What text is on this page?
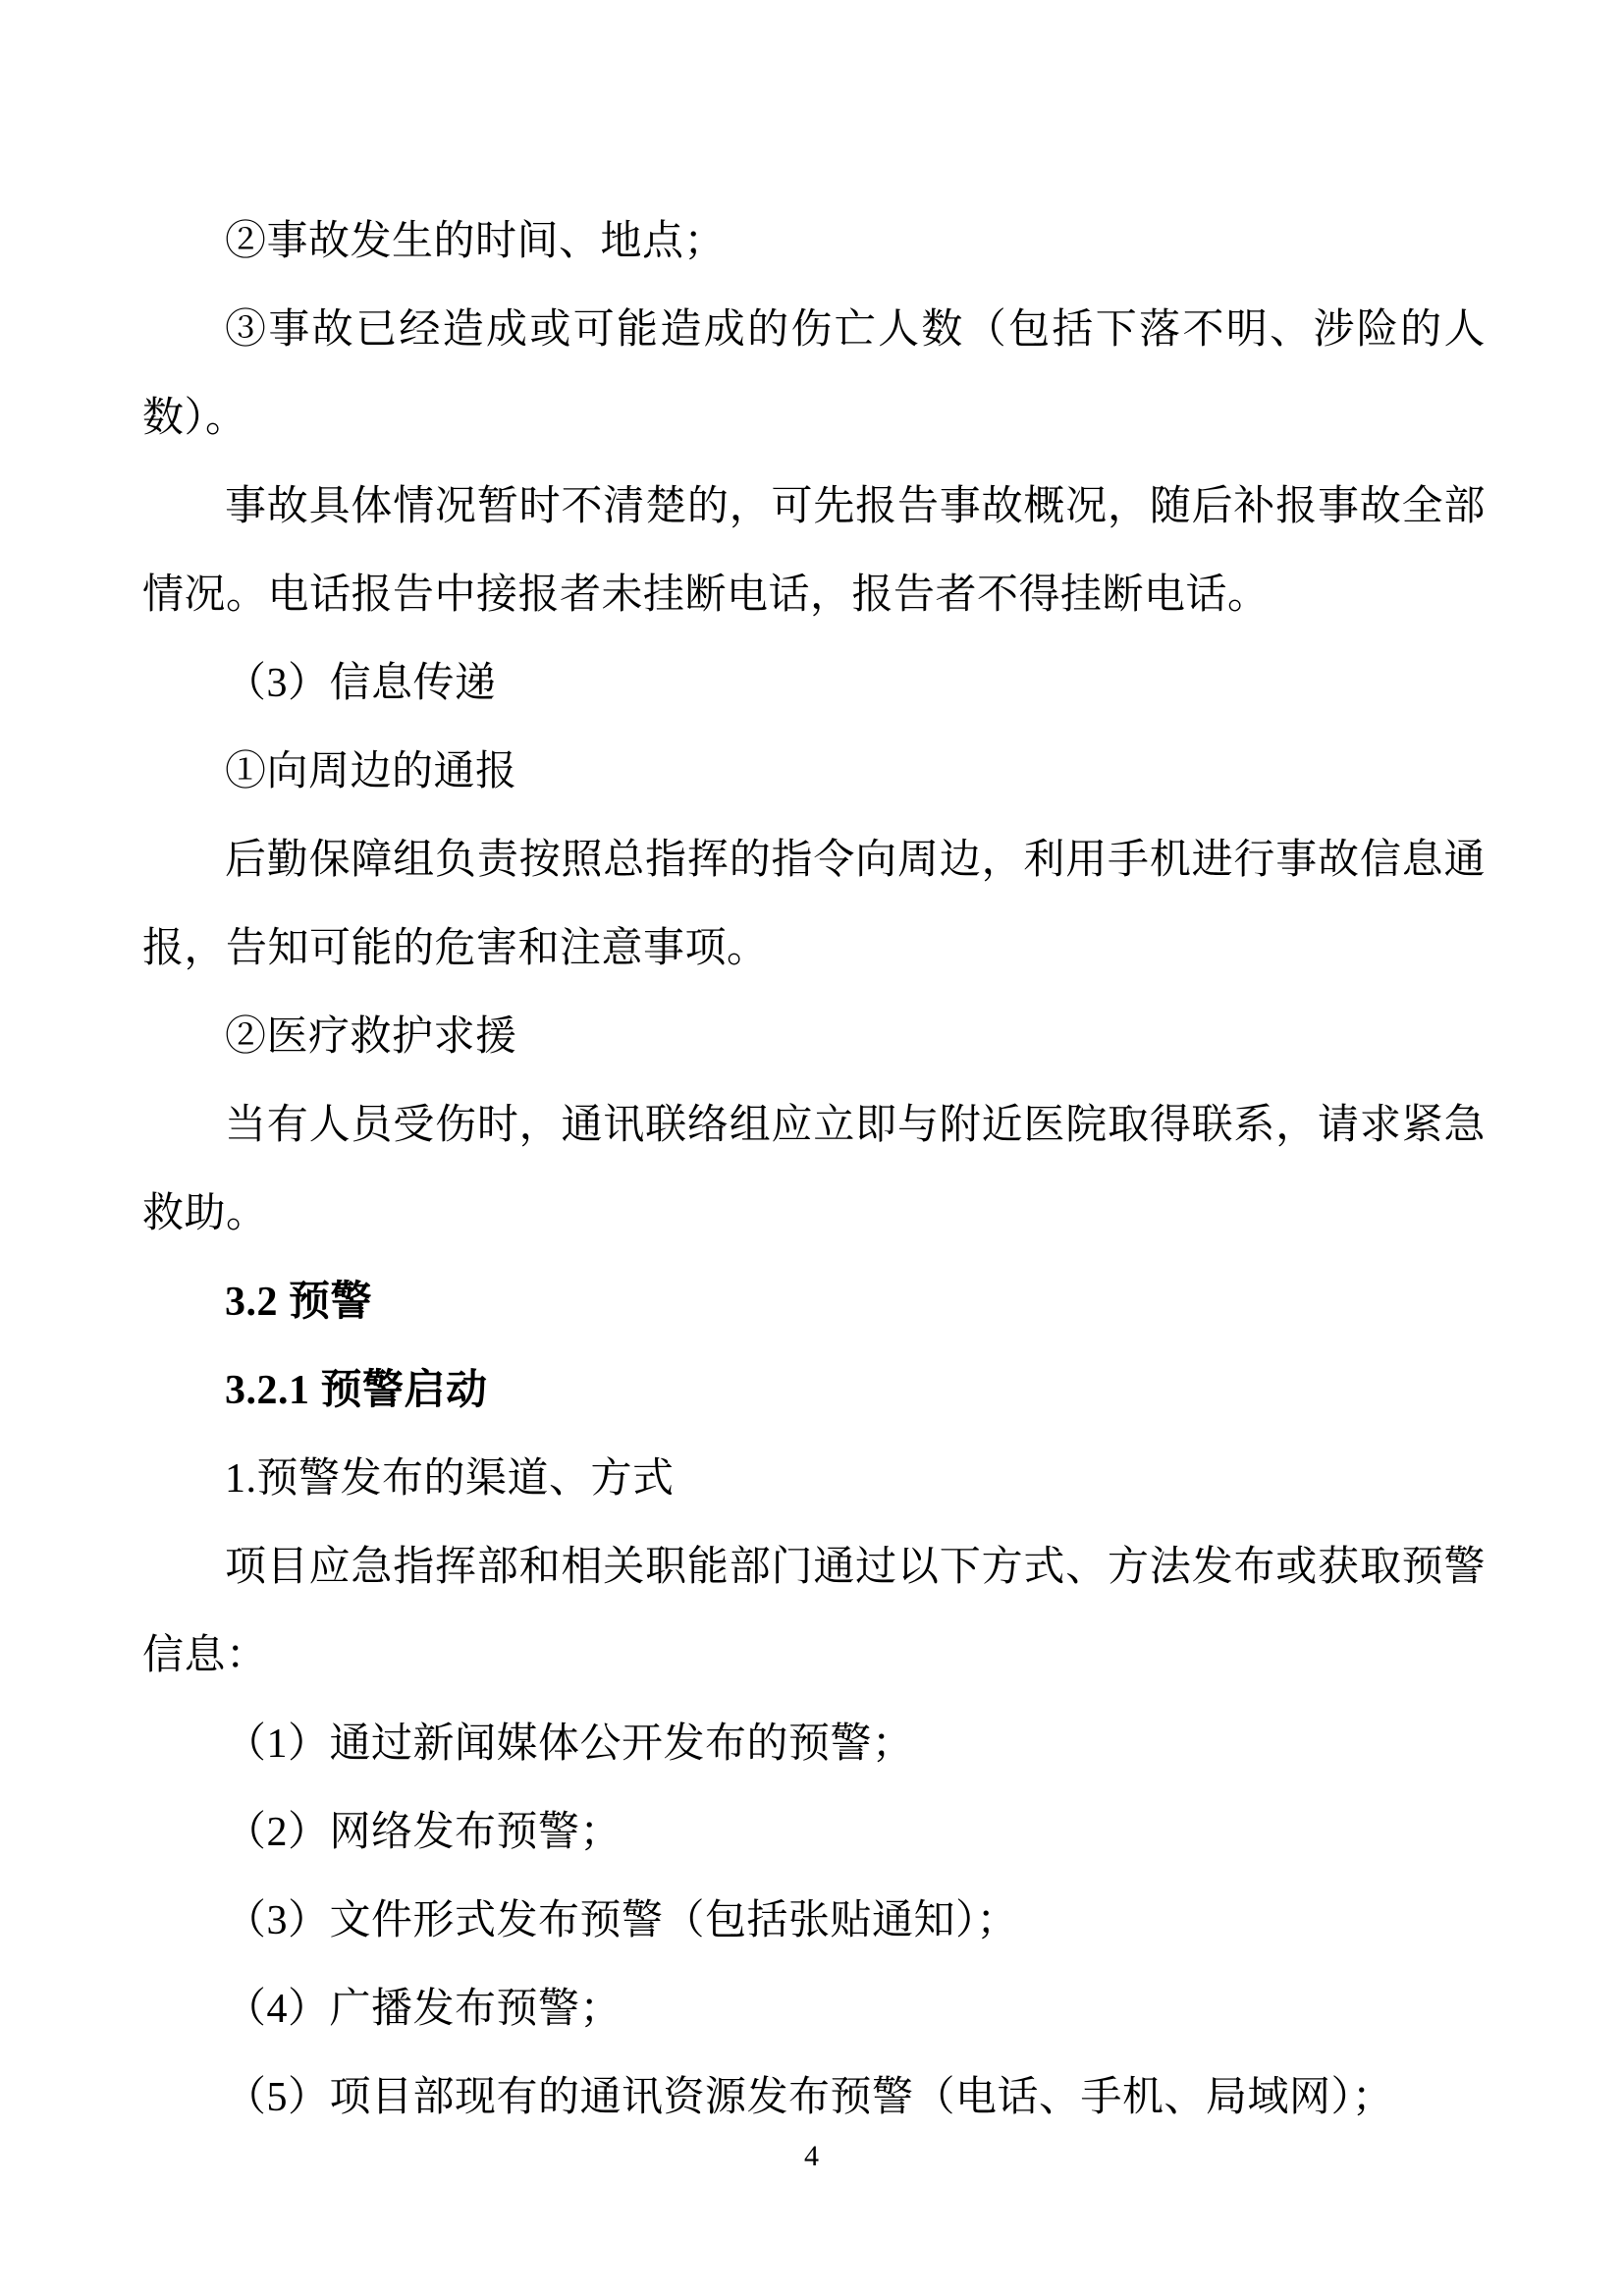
②事故发生的时间、地点；

③事故已经造成或可能造成的伤亡人数（包括下落不明、涉险的人数）。

事故具体情况暂时不清楚的，可先报告事故概况，随后补报事故全部情况。电话报告中接报者未挂断电话，报告者不得挂断电话。

（3）信息传递

①向周边的通报

后勤保障组负责按照总指挥的指令向周边，利用手机进行事故信息通报，告知可能的危害和注意事项。

②医疗救护求援

当有人员受伤时，通讯联络组应立即与附近医院取得联系，请求紧急救助。

3.2 预警

3.2.1 预警启动

1.预警发布的渠道、方式

项目应急指挥部和相关职能部门通过以下方式、方法发布或获取预警信息：

（1）通过新闻媒体公开发布的预警；

（2）网络发布预警；

（3）文件形式发布预警（包括张贴通知）；

（4）广播发布预警；

（5）项目部现有的通讯资源发布预警（电话、手机、局域网）；

4
